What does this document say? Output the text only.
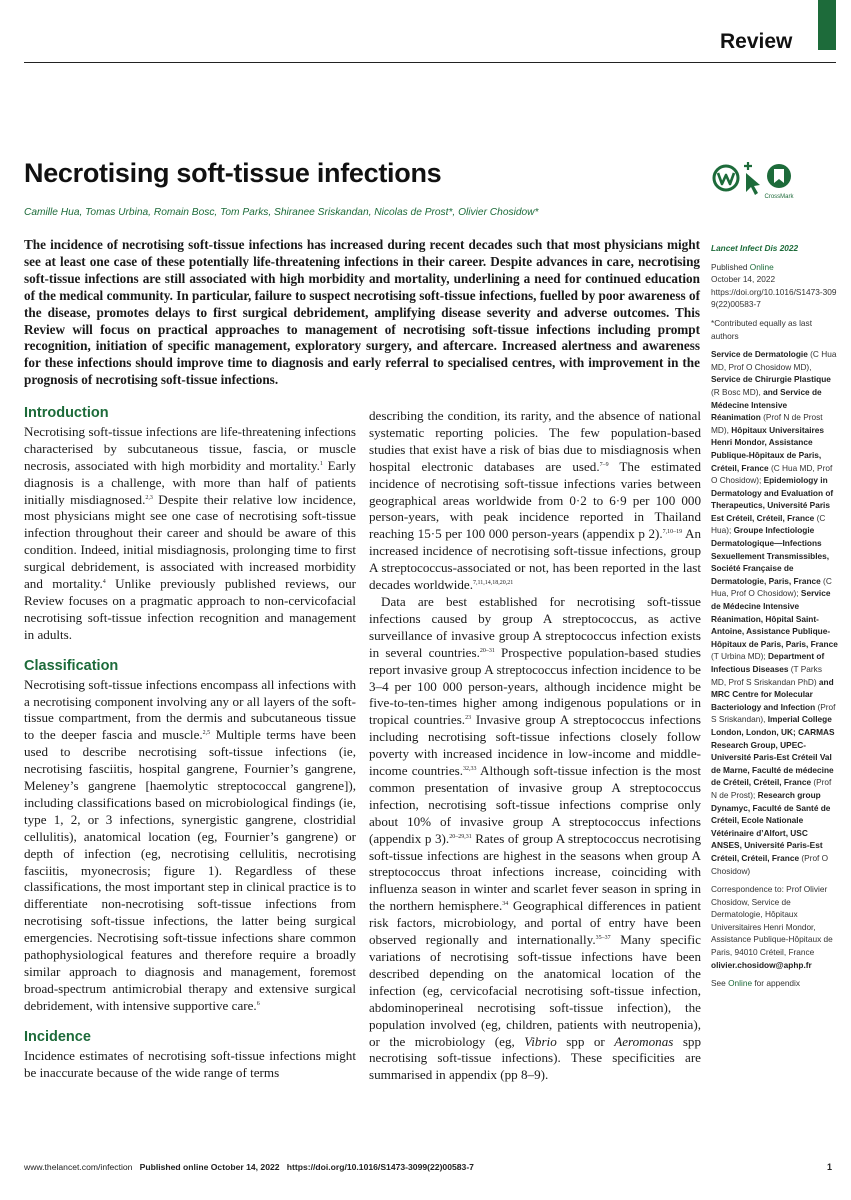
Review
Necrotising soft-tissue infections
CrossMark
Camille Hua, Tomas Urbina, Romain Bosc, Tom Parks, Shiranee Sriskandan, Nicolas de Prost*, Olivier Chosidow*

The incidence of necrotising soft-tissue infections has increased during recent decades such that most physicians might see at least one case of these potentially life-threatening infections in their career. Despite advances in care, necrotising soft-tissue infections are still associated with high morbidity and mortality, underlining a need for continued education of the medical community. In particular, failure to suspect necrotising soft-tissue infections, fuelled by poor awareness of the disease, promotes delays to first surgical debridement, amplifying disease severity and adverse outcomes. This Review will focus on practical approaches to management of necrotising soft-tissue infections including prompt recognition, initiation of specific management, exploratory surgery, and aftercare. Increased alertness and awareness for these infections should improve time to diagnosis and early referral to specialised centres, with improvement in the prognosis of necrotising soft-tissue infections.

Introduction

Necrotising soft-tissue infections are life-threatening infections characterised by subcutaneous tissue, fascia, or muscle necrosis, associated with high morbidity and mortality.$^1$ Early diagnosis is a challenge, with more than half of patients initially misdiagnosed.$^{2,3}$ Despite their relative low incidence, most physicians might see one case of necrotising soft-tissue infection throughout their career and should be aware of this condition. Indeed, initial misdiagnosis, prolonging time to first surgical debridement, is associated with increased morbidity and mortality.$^4$ Unlike previously published reviews, our Review focuses on a pragmatic approach to non-cervicofacial necrotising soft-tissue infection recognition and management in adults.

Classification

Necrotising soft-tissue infections encompass all infections with a necrotising component involving any or all layers of the soft-tissue compartment, from the dermis and subcutaneous tissue to the deeper fascia and muscle.$^{2,5}$ Multiple terms have been used to describe necrotising soft-tissue infections (ie, necrotising fasciitis, hospital gangrene, Fournier’s gangrene, Meleney’s gangrene [haemolytic streptococcal gangrene]), including classifications based on microbiological findings (ie, type 1, 2, or 3 infections, synergistic gangrene, clostridial cellulitis), anatomical location (eg, Fournier’s gangrene) or depth of infection (eg, necrotising cellulitis, necrotising fasciitis, myonecrosis; figure 1). Regardless of these classifications, the most important step in clinical practice is to differentiate non-necrotising soft-tissue infections from necrotising soft-tissue infections, the latter being surgical emergencies. Necrotising soft-tissue infections share common pathophysiological features and therefore require a broadly similar approach to diagnosis and management, foremost broad-spectrum antimicrobial therapy and extensive surgical debridement, with intensive supportive care.$^6$

Incidence

Incidence estimates of necrotising soft-tissue infections might be inaccurate because of the wide range of terms

describing the condition, its rarity, and the absence of national systematic reporting policies. The few population-based studies that exist have a risk of bias due to misdiagnosis when hospital electronic databases are used.$^{7-9}$ The estimated incidence of necrotising soft-tissue infections varies between geographical areas worldwide from 0·2 to 6·9 per 100 000 person-years, with peak incidence reported in Thailand reaching 15·5 per 100 000 person-years (appendix p 2).$^{7,10-19}$ An increased incidence of necrotising soft-tissue infections, group A streptococcus-associated or not, has been reported in the last decades worldwide.$^{7,11,14,18,20,21}$

Data are best established for necrotising soft-tissue infections caused by group A streptococcus, as active surveillance of invasive group A streptococcus infection exists in several countries.$^{20-31}$ Prospective population-based studies report invasive group A streptococcus infection incidence to be 3–4 per 100 000 person-years, although incidence might be five-to-ten-times higher among indigenous populations or in tropical countries.$^{23}$ Invasive group A streptococcus infections including necrotising soft-tissue infections closely follow poverty with increased incidence in low-income and middle-income countries.$^{32,33}$ Although soft-tissue infection is the most common presentation of invasive group A streptococcus infection, necrotising soft-tissue infections comprise only about 10% of invasive group A streptococcus infections (appendix p 3).$^{20-29,31}$ Rates of group A streptococcus necrotising soft-tissue infections are highest in the seasons when group A streptococcus throat infections increase, coinciding with influenza season in winter and scarlet fever season in spring in the northern hemisphere.$^{34}$ Geographical differences in patient risk factors, microbiology, and portal of entry have been observed regionally and internationally.$^{35-37}$ Many specific variations of necrotising soft-tissue infections have been described depending on the anatomical location of the infection (eg, cervicofacial necrotising soft-tissue infection, abdominoperineal necrotising soft-tissue infection), the population involved (eg, children, patients with neutropenia), or the microbiology (eg, Vibrio spp or Aeromonas spp necrotising soft-tissue infections). These specificities are summarised in appendix (pp 8–9).

Lancet Infect Dis 2022

Published Online
October 14, 2022
https://doi.org/10.1016/S1473-3099(22)00583-7

*Contributed equally as last authors

Service de Dermatologie (C Hua MD, Prof O Chosidow MD), Service de Chirurgie Plastique (R Bosc MD), and Service de Médecine Intensive Réanimation (Prof N de Prost MD), Hôpitaux Universitaires Henri Mondor, Assistance Publique-Hôpitaux de Paris, Créteil, France (C Hua MD, Prof O Chosidow); Epidemiology in Dermatology and Evaluation of Therapeutics, Université Paris Est Créteil, Créteil, France (C Hua); Groupe Infectiologie Dermatologique—Infections Sexuellement Transmissibles, Société Française de Dermatologie, Paris, France (C Hua, Prof O Chosidow); Service de Médecine Intensive Réanimation, Hôpital Saint-Antoine, Assistance Publique-Hôpitaux de Paris, Paris, France (T Urbina MD); Department of Infectious Diseases (T Parks MD, Prof S Sriskandan PhD) and MRC Centre for Molecular Bacteriology and Infection (Prof S Sriskandan), Imperial College London, London, UK; CARMAS Research Group, UPEC-Université Paris-Est Créteil Val de Marne, Faculté de médecine de Créteil, Créteil, France (Prof N de Prost); Research group Dynamyc, Faculté de Santé de Créteil, Ecole Nationale Vétérinaire d’Alfort, USC ANSES, Université Paris-Est Créteil, Créteil, France (Prof O Chosidow)

Correspondence to: Prof Olivier Chosidow, Service de Dermatologie, Hôpitaux Universitaires Henri Mondor, Assistance Publique-Hôpitaux de Paris, 94010 Créteil, France
olivier.chosidow@aphp.fr

See Online for appendix

www.thelancet.com/infection Published online October 14, 2022 https://doi.org/10.1016/S1473-3099(22)00583-7	1
